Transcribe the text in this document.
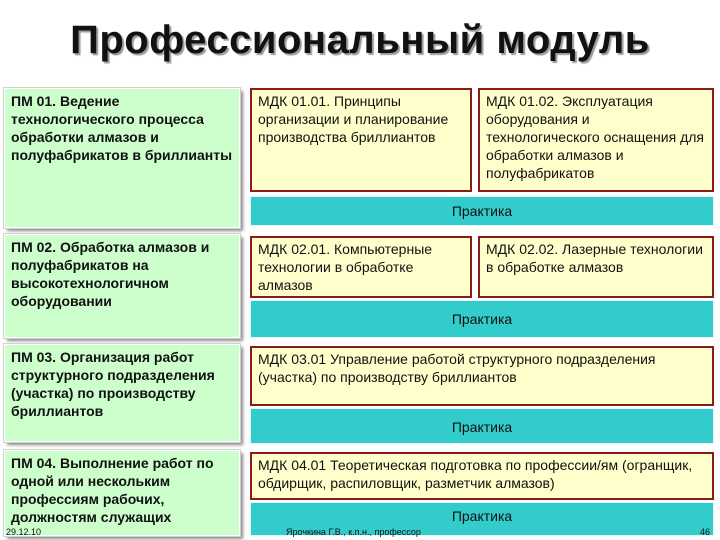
Профессиональный модуль
ПМ 01. Ведение технологического процесса обработки алмазов и полуфабрикатов в бриллианты
МДК 01.01. Принципы организации и планирование производства бриллиантов
МДК 01.02. Эксплуатация оборудования и технологического оснащения для обработки алмазов и полуфабрикатов
Практика
ПМ 02. Обработка алмазов и полуфабрикатов на высокотехнологичном оборудовании
МДК 02.01. Компьютерные технологии в обработке алмазов
МДК 02.02. Лазерные технологии в обработке алмазов
Практика
ПМ 03. Организация работ структурного подразделения (участка) по производству бриллиантов
МДК 03.01 Управление работой структурного подразделения (участка) по производству бриллиантов
Практика
ПМ 04. Выполнение работ по одной или нескольким профессиям рабочих, должностям служащих
МДК 04.01 Теоретическая подготовка по профессии/ям (огранщик, обдирщик, распиловщик, разметчик алмазов)
Практика
29.12.10	Ярочкина Г.В., к.п.н., профессор	46
